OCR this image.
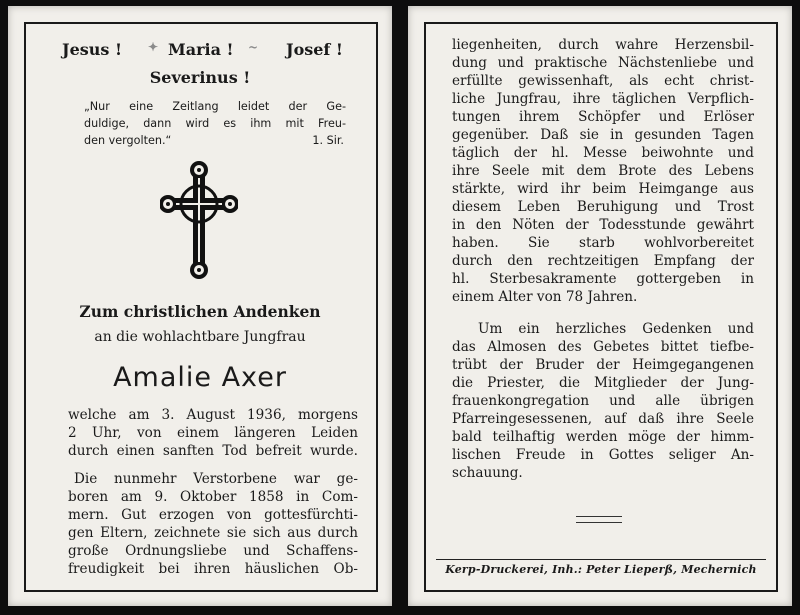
Jesus ! ✦ Maria ! ~ Josef !
Severinus !
„Nur eine Zeitlang leidet der Ge-
duldige, dann wird es ihm mit Freu-
den vergolten.“	1. Sir.
Zum christlichen Andenken
an die wohlachtbare Jungfrau
Amalie Axer
welche am 3. August 1936, morgens
2 Uhr, von einem längeren Leiden
durch einen sanften Tod befreit wurde.
Die nunmehr Verstorbene war ge-
boren am 9. Oktober 1858 in Com-
mern. Gut erzogen von gottesfürchti-
gen Eltern, zeichnete sie sich aus durch
große Ordnungsliebe und Schaffens-
freudigkeit bei ihren häuslichen Ob-
liegenheiten, durch wahre Herzensbil-
dung und praktische Nächstenliebe und
erfüllte gewissenhaft, als echt christ-
liche Jungfrau, ihre täglichen Verpflich-
tungen ihrem Schöpfer und Erlöser
gegenüber. Daß sie in gesunden Tagen
täglich der hl. Messe beiwohnte und
ihre Seele mit dem Brote des Lebens
stärkte, wird ihr beim Heimgange aus
diesem Leben Beruhigung und Trost
in den Nöten der Todesstunde gewährt
haben.   Sie   starb   wohlvorbereitet
durch den rechtzeitigen Empfang der
hl. Sterbesakramente gottergeben in
einem Alter von 78 Jahren.
Um ein herzliches Gedenken und
das Almosen des Gebetes bittet tiefbe-
trübt der Bruder der Heimgegangenen
die Priester, die Mitglieder der Jung-
frauenkongregation und alle übrigen
Pfarreingesessenen, auf daß ihre Seele
bald teilhaftig werden möge der himm-
lischen Freude in Gottes seliger An-
schauung.
Kerp-Druckerei, Inh.: Peter Lieperß, Mechernich
